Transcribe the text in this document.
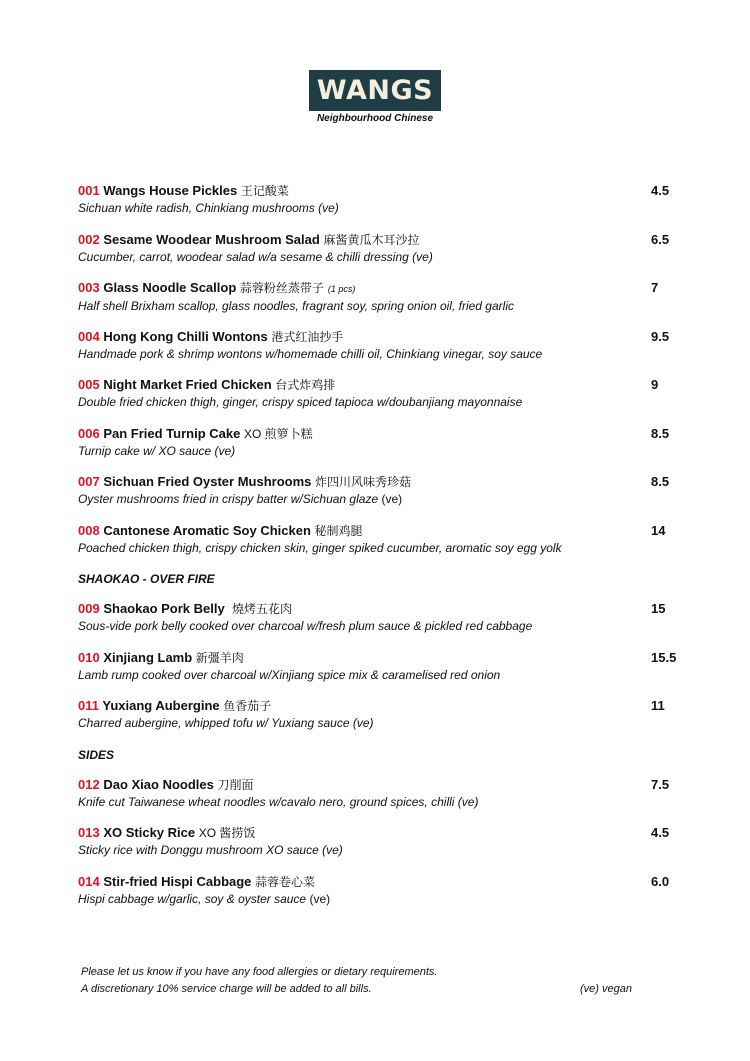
WANGS
Neighbourhood Chinese
001 Wangs House Pickles 王记酸菜
Sichuan white radish, Chinkiang mushrooms (ve)
4.5
002 Sesame Woodear Mushroom Salad 麻酱黄瓜木耳沙拉
Cucumber, carrot, woodear salad w/a sesame & chilli dressing (ve)
6.5
003 Glass Noodle Scallop 蒜蓉粉丝蒸带子 (1 pcs)
Half shell Brixham scallop, glass noodles, fragrant soy, spring onion oil, fried garlic
7
004 Hong Kong Chilli Wontons 港式红油抄手
Handmade pork & shrimp wontons w/homemade chilli oil, Chinkiang vinegar, soy sauce
9.5
005 Night Market Fried Chicken 台式炸鸡排
Double fried chicken thigh, ginger, crispy spiced tapioca w/doubanjiang mayonnaise
9
006 Pan Fried Turnip Cake XO 煎箩卜糕
Turnip cake w/ XO sauce (ve)
8.5
007 Sichuan Fried Oyster Mushrooms 炸四川风味秀珍菇
Oyster mushrooms fried in crispy batter w/Sichuan glaze (ve)
8.5
008 Cantonese Aromatic Soy Chicken 秘制鸡腿
Poached chicken thigh, crispy chicken skin, ginger spiked cucumber, aromatic soy egg yolk
14
SHAOKAO - OVER FIRE
009 Shaokao Pork Belly 燒烤五花肉
Sous-vide pork belly cooked over charcoal w/fresh plum sauce & pickled red cabbage
15
010 Xinjiang Lamb 新彊羊肉
Lamb rump cooked over charcoal w/Xinjiang spice mix & caramelised red onion
15.5
011 Yuxiang Aubergine 鱼香茄子
Charred aubergine, whipped tofu w/ Yuxiang sauce (ve)
11
SIDES
012 Dao Xiao Noodles 刀削面
Knife cut Taiwanese wheat noodles w/cavalo nero, ground spices, chilli (ve)
7.5
013 XO Sticky Rice XO 酱捞饭
Sticky rice with Donggu mushroom XO sauce (ve)
4.5
014 Stir-fried Hispi Cabbage 蒜蓉卷心菜
Hispi cabbage w/garlic, soy & oyster sauce (ve)
6.0
Please let us know if you have any food allergies or dietary requirements.
A discretionary 10% service charge will be added to all bills.	(ve) vegan
